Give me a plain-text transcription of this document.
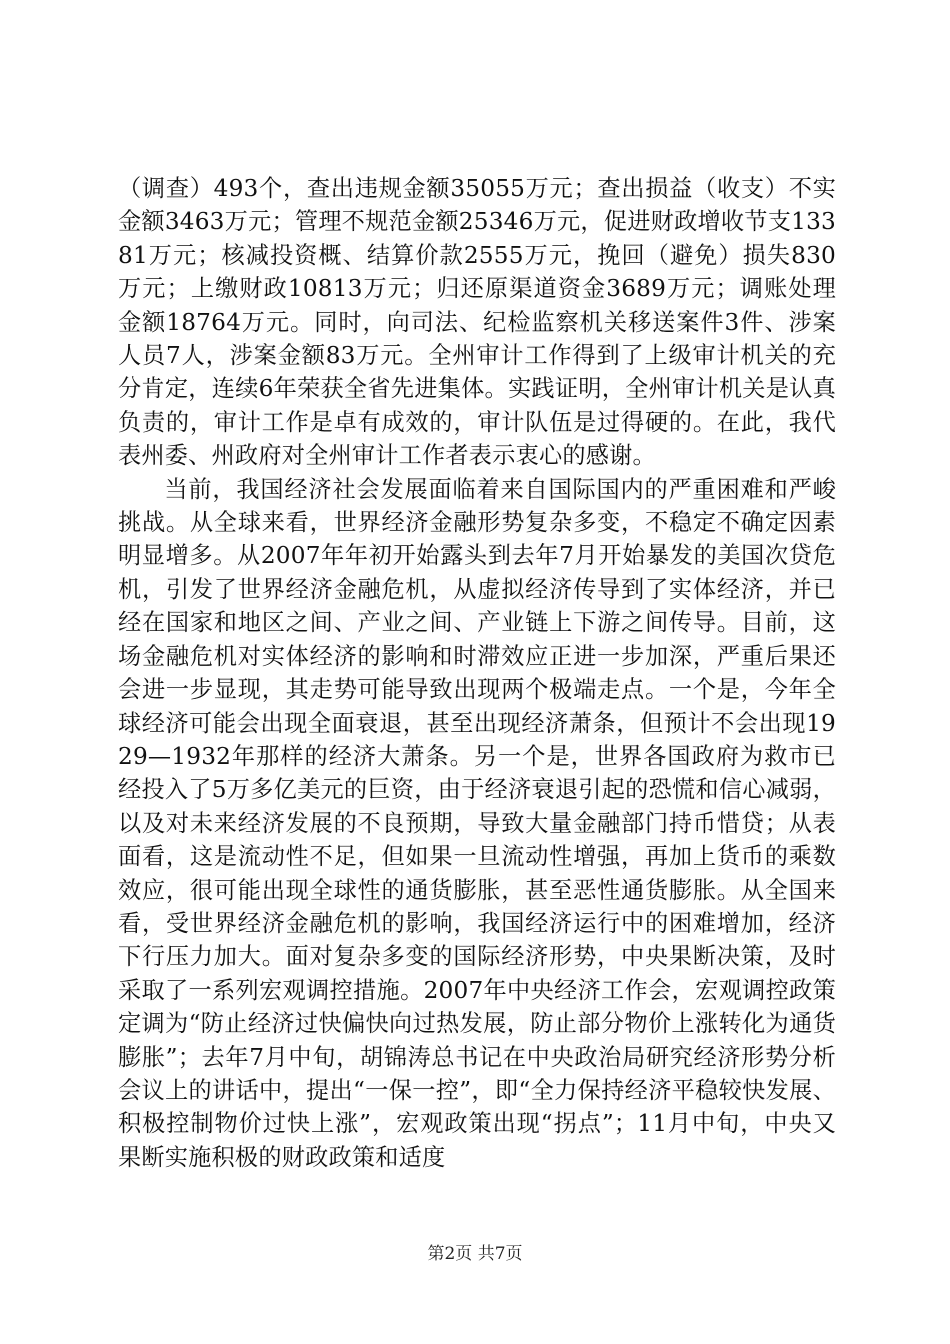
（调查）493个，查出违规金额35055万元；查出损益（收支）不实金额3463万元；管理不规范金额25346万元，促进财政增收节支13381万元；核减投资概、结算价款2555万元，挽回（避免）损失830万元；上缴财政10813万元；归还原渠道资金3689万元；调账处理金额18764万元。同时，向司法、纪检监察机关移送案件3件、涉案人员7人，涉案金额83万元。全州审计工作得到了上级审计机关的充分肯定，连续6年荣获全省先进集体。实践证明，全州审计机关是认真负责的，审计工作是卓有成效的，审计队伍是过得硬的。在此，我代表州委、州政府对全州审计工作者表示衷心的感谢。

当前，我国经济社会发展面临着来自国际国内的严重困难和严峻挑战。从全球来看，世界经济金融形势复杂多变，不稳定不确定因素明显增多。从2007年年初开始露头到去年7月开始暴发的美国次贷危机，引发了世界经济金融危机，从虚拟经济传导到了实体经济，并已经在国家和地区之间、产业之间、产业链上下游之间传导。目前，这场金融危机对实体经济的影响和时滞效应正进一步加深，严重后果还会进一步显现，其走势可能导致出现两个极端走点。一个是，今年全球经济可能会出现全面衰退，甚至出现经济萧条，但预计不会出现1929—1932年那样的经济大萧条。另一个是，世界各国政府为救市已经投入了5万多亿美元的巨资，由于经济衰退引起的恐慌和信心减弱，以及对未来经济发展的不良预期，导致大量金融部门持币惜贷；从表面看，这是流动性不足，但如果一旦流动性增强，再加上货币的乘数效应，很可能出现全球性的通货膨胀，甚至恶性通货膨胀。从全国来看，受世界经济金融危机的影响，我国经济运行中的困难增加，经济下行压力加大。面对复杂多变的国际经济形势，中央果断决策，及时采取了一系列宏观调控措施。2007年中央经济工作会，宏观调控政策定调为“防止经济过快偏快向过热发展，防止部分物价上涨转化为通货膨胀”；去年7月中旬，胡锦涛总书记在中央政治局研究经济形势分析会议上的讲话中，提出“一保一控”，即“全力保持经济平稳较快发展、积极控制物价过快上涨”，宏观政策出现“拐点”；11月中旬，中央又果断实施积极的财政政策和适度

第2页 共7页
